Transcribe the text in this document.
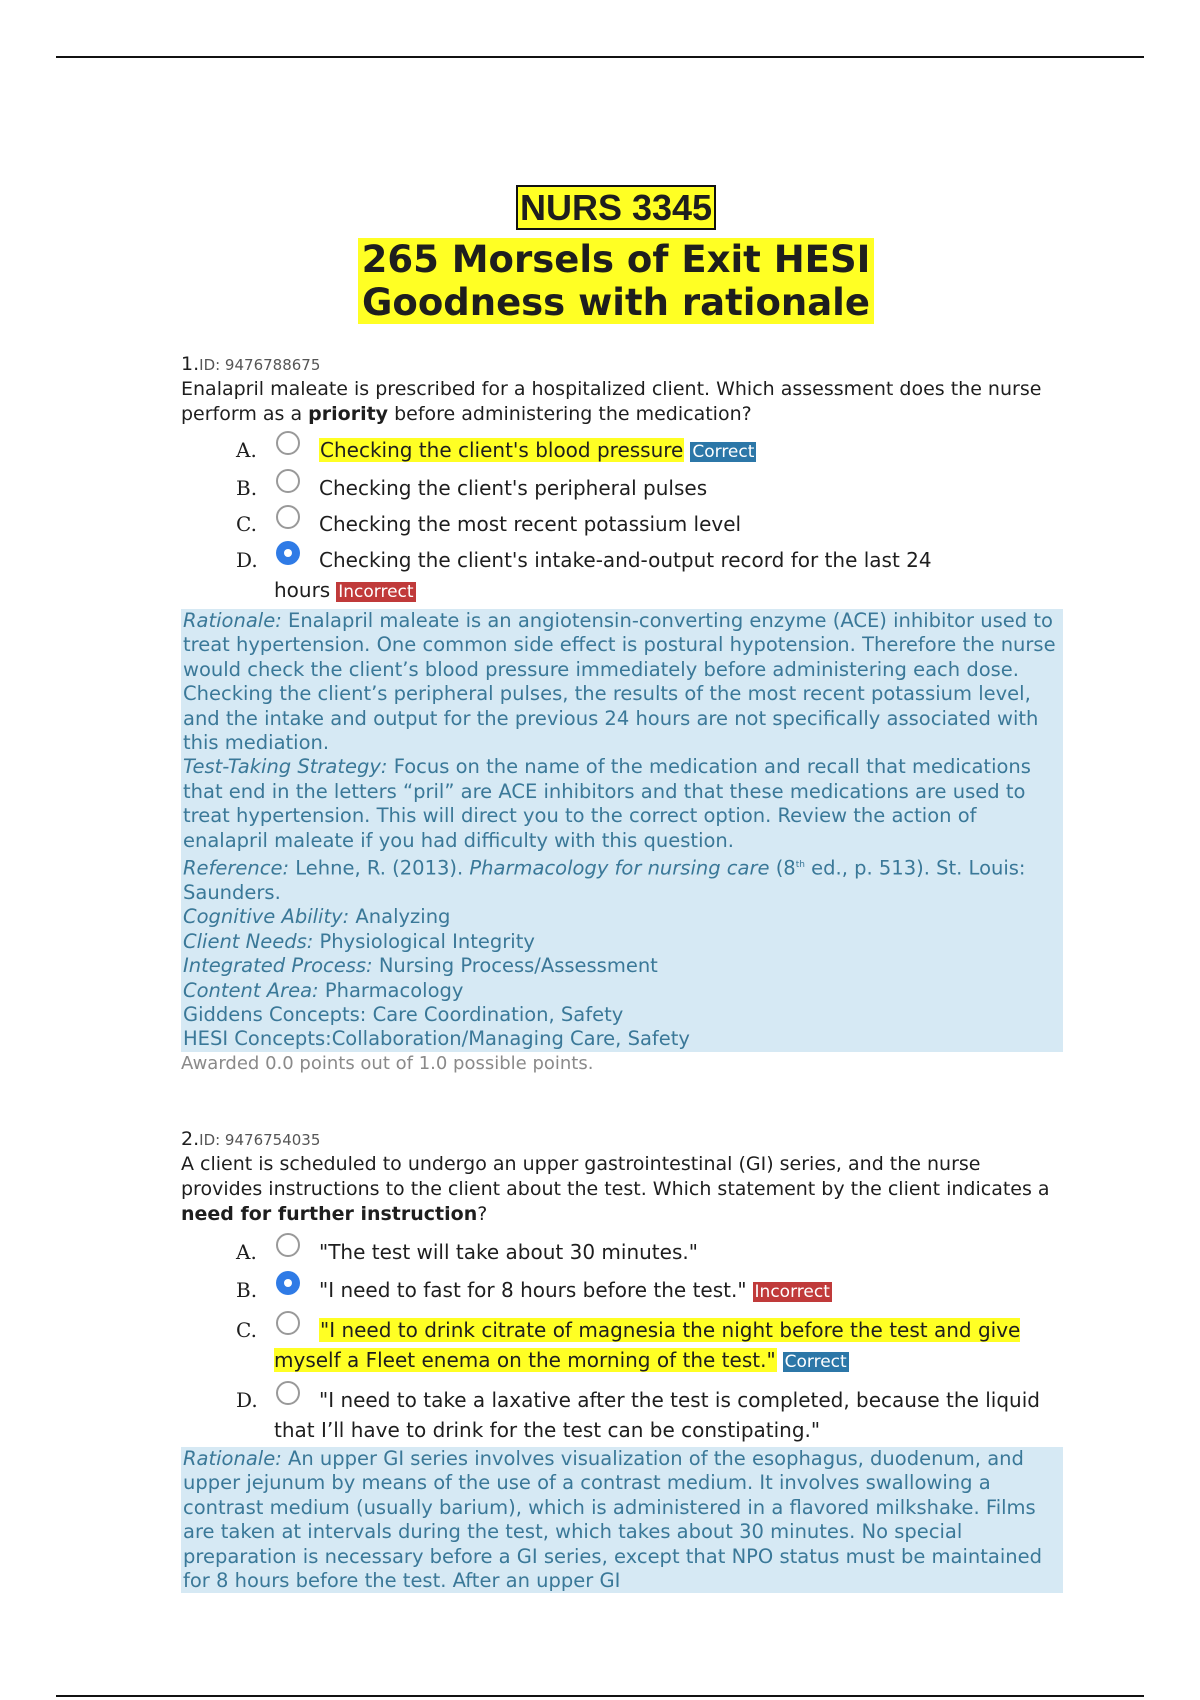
NURS 3345
265 Morsels of Exit HESI
Goodness with rationale
1.ID: 9476788675
Enalapril maleate is prescribed for a hospitalized client. Which assessment does the nurse perform as a priority before administering the medication?
A.	Checking the client's blood pressure Correct
B.	Checking the client's peripheral pulses
C.	Checking the most recent potassium level
D.	Checking the client's intake-and-output record for the last 24 hours Incorrect

Rationale: Enalapril maleate is an angiotensin-converting enzyme (ACE) inhibitor used to treat hypertension. One common side effect is postural hypotension. Therefore the nurse would check the client’s blood pressure immediately before administering each dose. Checking the client’s peripheral pulses, the results of the most recent potassium level, and the intake and output for the previous 24 hours are not specifically associated with this mediation.

Test-Taking Strategy: Focus on the name of the medication and recall that medications that end in the letters “pril” are ACE inhibitors and that these medications are used to treat hypertension. This will direct you to the correct option. Review the action of enalapril maleate if you had difficulty with this question.

Reference: Lehne, R. (2013). Pharmacology for nursing care (8th ed., p. 513). St. Louis: Saunders.

Cognitive Ability: Analyzing

Client Needs: Physiological Integrity

Integrated Process: Nursing Process/Assessment

Content Area: Pharmacology

Giddens Concepts: Care Coordination, Safety

HESI Concepts:Collaboration/Managing Care, Safety

Awarded 0.0 points out of 1.0 possible points.
2.ID: 9476754035
A client is scheduled to undergo an upper gastrointestinal (GI) series, and the nurse provides instructions to the client about the test. Which statement by the client indicates a need for further instruction?
A.	"The test will take about 30 minutes."
B.	"I need to fast for 8 hours before the test." Incorrect
C.	"I need to drink citrate of magnesia the night before the test and give myself a Fleet enema on the morning of the test." Correct
D.	"I need to take a laxative after the test is completed, because the liquid that I’ll have to drink for the test can be constipating."

Rationale: An upper GI series involves visualization of the esophagus, duodenum, and upper jejunum by means of the use of a contrast medium. It involves swallowing a contrast medium (usually barium), which is administered in a flavored milkshake. Films are taken at intervals during the test, which takes about 30 minutes. No special preparation is necessary before a GI series, except that NPO status must be maintained for 8 hours before the test. After an upper GI
